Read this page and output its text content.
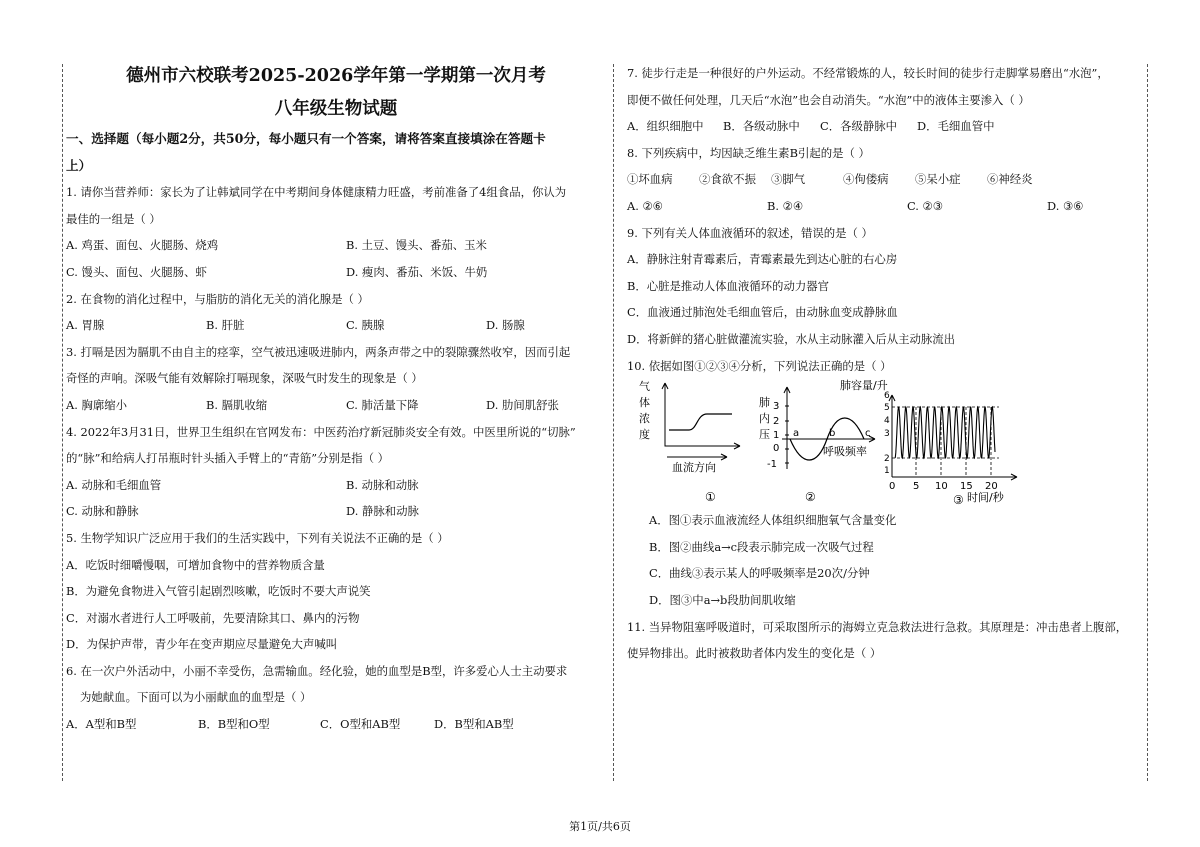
德州市六校联考2025-2026学年第一学期第一次月考

八年级生物试题

一、选择题（每小题2分，共50分，每小题只有一个答案，请将答案直接填涂在答题卡

上）

1. 请你当营养师：家长为了让韩斌同学在中考期间身体健康精力旺盛，考前准备了4组食品，你认为

最佳的一组是（ ）

A. 鸡蛋、面包、火腿肠、烧鸡	B. 土豆、馒头、番茄、玉米

C. 馒头、面包、火腿肠、虾	D. 瘦肉、番茄、米饭、牛奶

2. 在食物的消化过程中，与脂肪的消化无关的消化腺是（ ）

A. 胃腺	B. 肝脏	C. 胰腺	D. 肠腺

3. 打嗝是因为膈肌不由自主的痉挛，空气被迅速吸进肺内，两条声带之中的裂隙骤然收窄，因而引起

奇怪的声响。深吸气能有效解除打嗝现象，深吸气时发生的现象是（ ）

A. 胸廓缩小	B. 膈肌收缩	C. 肺活量下降	D. 肋间肌舒张

4. 2022年3月31日，世界卫生组织在官网发布：中医药治疗新冠肺炎安全有效。中医里所说的“切脉”

的“脉”和给病人打吊瓶时针头插入手臂上的“青筋”分别是指（ ）

A. 动脉和毛细血管	B. 动脉和动脉

C. 动脉和静脉	D. 静脉和动脉

5. 生物学知识广泛应用于我们的生活实践中，下列有关说法不正确的是（ ）

A．吃饭时细嚼慢咽，可增加食物中的营养物质含量

B．为避免食物进入气管引起剧烈咳嗽，吃饭时不要大声说笑

C．对溺水者进行人工呼吸前，先要清除其口、鼻内的污物

D．为保护声带，青少年在变声期应尽量避免大声喊叫

6. 在一次户外活动中，小丽不幸受伤，急需输血。经化验，她的血型是B型，许多爱心人士主动要求

为她献血。下面可以为小丽献血的血型是（ ）

A．A型和B型	B．B型和O型	C．O型和AB型	D．B型和AB型

7. 徒步行走是一种很好的户外运动。不经常锻炼的人，较长时间的徒步行走脚掌易磨出“水泡”，

即便不做任何处理，几天后“水泡”也会自动消失。“水泡”中的液体主要渗入（ ）

A．组织细胞中	B．各级动脉中	C．各级静脉中	D．毛细血管中

8. 下列疾病中，均因缺乏维生素B引起的是（ ）

①坏血病	②食欲不振	③脚气	④佝偻病	⑤呆小症	⑥神经炎

A. ②⑥	B. ②④	C. ②③	D. ③⑥

9. 下列有关人体血液循环的叙述，错误的是（ ）

A．静脉注射青霉素后，青霉素最先到达心脏的右心房

B．心脏是推动人体血液循环的动力器官

C．血液通过肺泡处毛细血管后，由动脉血变成静脉血

D．将新鲜的猪心脏做灌流实验，水从主动脉灌入后从主动脉流出

10. 依据如图①②③④分析，下列说法正确的是（ ）

气
体
浓
度
血流方向
①
肺
内
压
3
2
1
0
-1
a	b	c
呼吸频率
②
肺容量/升
6
5
4
3
2
1
0 5 10 15 20
时间/秒
③

A．图①表示血液流经人体组织细胞氧气含量变化

B．图②曲线a→c段表示肺完成一次吸气过程

C．曲线③表示某人的呼吸频率是20次/分钟

D．图③中a→b段肋间肌收缩

11. 当异物阻塞呼吸道时，可采取图所示的海姆立克急救法进行急救。其原理是：冲击患者上腹部，

使异物排出。此时被救助者体内发生的变化是（ ）

第1页/共6页
